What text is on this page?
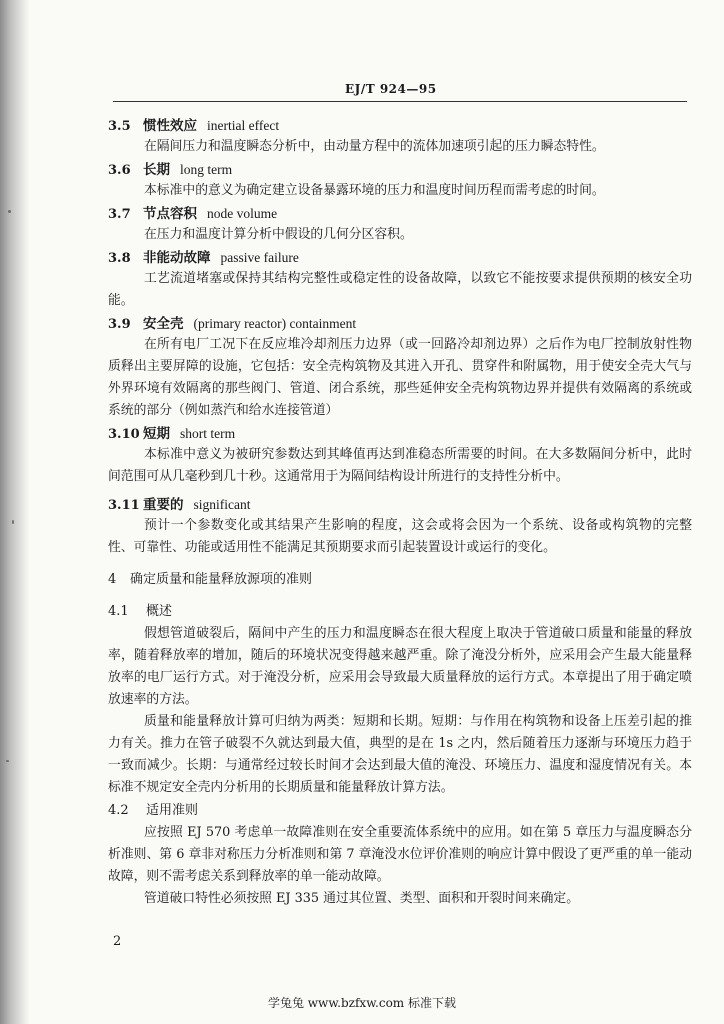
EJ/T 924—95
3.5 惯性效应 inertial effect
在隔间压力和温度瞬态分析中，由动量方程中的流体加速项引起的压力瞬态特性。
3.6 长期 long term
本标准中的意义为确定建立设备暴露环境的压力和温度时间历程而需考虑的时间。
3.7 节点容积 node volume
在压力和温度计算分析中假设的几何分区容积。
3.8 非能动故障 passive failure
工艺流道堵塞或保持其结构完整性或稳定性的设备故障，以致它不能按要求提供预期的核安全功能。
3.9 安全壳 (primary reactor) containment
在所有电厂工况下在反应堆冷却剂压力边界（或一回路冷却剂边界）之后作为电厂控制放射性物质释出主要屏障的设施，它包括：安全壳构筑物及其进入开孔、贯穿件和附属物，用于使安全壳大气与外界环境有效隔离的那些阀门、管道、闭合系统，那些延伸安全壳构筑物边界并提供有效隔离的系统或系统的部分（例如蒸汽和给水连接管道）
3.10 短期 short term
本标准中意义为被研究参数达到其峰值再达到准稳态所需要的时间。在大多数隔间分析中，此时间范围可从几毫秒到几十秒。这通常用于为隔间结构设计所进行的支持性分析中。
3.11 重要的 significant
预计一个参数变化或其结果产生影响的程度，这会或将会因为一个系统、设备或构筑物的完整性、可靠性、功能或适用性不能满足其预期要求而引起装置设计或运行的变化。
4	确定质量和能量释放源项的准则
4.1	概述
假想管道破裂后，隔间中产生的压力和温度瞬态在很大程度上取决于管道破口质量和能量的释放率，随着释放率的增加，随后的环境状况变得越来越严重。除了淹没分析外，应采用会产生最大能量释放率的电厂运行方式。对于淹没分析，应采用会导致最大质量释放的运行方式。本章提出了用于确定喷放速率的方法。
质量和能量释放计算可归纳为两类：短期和长期。短期：与作用在构筑物和设备上压差引起的推力有关。推力在管子破裂不久就达到最大值，典型的是在 1s 之内，然后随着压力逐渐与环境压力趋于一致而减少。长期：与通常经过较长时间才会达到最大值的淹没、环境压力、温度和湿度情况有关。本标准不规定安全壳内分析用的长期质量和能量释放计算方法。
4.2	适用准则
应按照 EJ 570 考虑单一故障准则在安全重要流体系统中的应用。如在第 5 章压力与温度瞬态分析准则、第 6 章非对称压力分析准则和第 7 章淹没水位评价准则的响应计算中假设了更严重的单一能动故障，则不需考虑关系到释放率的单一能动故障。
管道破口特性必须按照 EJ 335 通过其位置、类型、面积和开裂时间来确定。
2
学兔兔 www.bzfxw.com 标准下载
